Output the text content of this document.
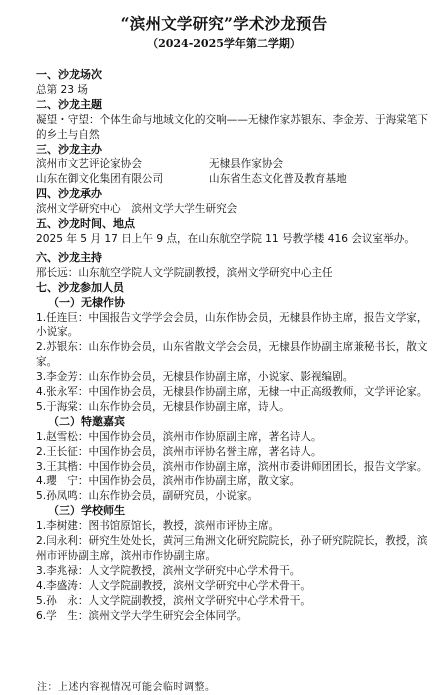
“滨州文学研究”学术沙龙预告
（2024-2025学年第二学期）
一、沙龙场次
总第 23 场
二、沙龙主题
凝望・守望：个体生命与地域文化的交响——无棣作家苏银东、李金芳、于海棠笔下的乡土与自然
三、沙龙主办
滨州市文艺评论家协会	无棣县作家协会
山东在御文化集团有限公司	山东省生态文化普及教育基地
四、沙龙承办
滨州文学研究中心　滨州文学大学生研究会
五、沙龙时间、地点
2025 年 5 月 17 日上午 9 点，在山东航空学院 11 号教学楼 416 会议室举办。
六、沙龙主持
邢长远：山东航空学院人文学院副教授，滨州文学研究中心主任
七、沙龙参加人员
（一）无棣作协
1.任连巨：中国报告文学学会会员，山东作协会员，无棣县作协主席，报告文学家，小说家。
2.苏银东：山东作协会员，山东省散文学会会员，无棣县作协副主席兼秘书长，散文家。
3.李金芳：山东作协会员，无棣县作协副主席，小说家、影视编剧。
4.张永军：中国作协会员，无棣县作协副主席，无棣一中正高级教师，文学评论家。
5.于海棠：山东作协会员，无棣县作协副主席，诗人。
（二）特邀嘉宾
1.赵雪松：中国作协会员，滨州市作协原副主席，著名诗人。
2.王长征：中国作协会员，滨州市评协名誉主席，著名诗人。
3.王其楷：中国作协会员，滨州市作协副主席，滨州市委讲师团团长，报告文学家。
4.瓔　宁：中国作协会员，滨州市作协副主席，散文家。
5.孙凤鸣：山东作协会员，副研究员，小说家。
（三）学校师生
1.李树建：图书馆原馆长，教授，滨州市评协主席。
2.闫永利：研究生处处长，黄河三角洲文化研究院院长，孙子研究院院长，教授，滨州市评协副主席，滨州市作协副主席。
3.李兆禄：人文学院教授，滨州文学研究中心学术骨干。
4.李盛涛：人文学院副教授，滨州文学研究中心学术骨干。
5.孙　永：人文学院副教授，滨州文学研究中心学术骨干。
6.学　生：滨州文学大学生研究会全体同学。
注：上述内容视情况可能会临时调整。
